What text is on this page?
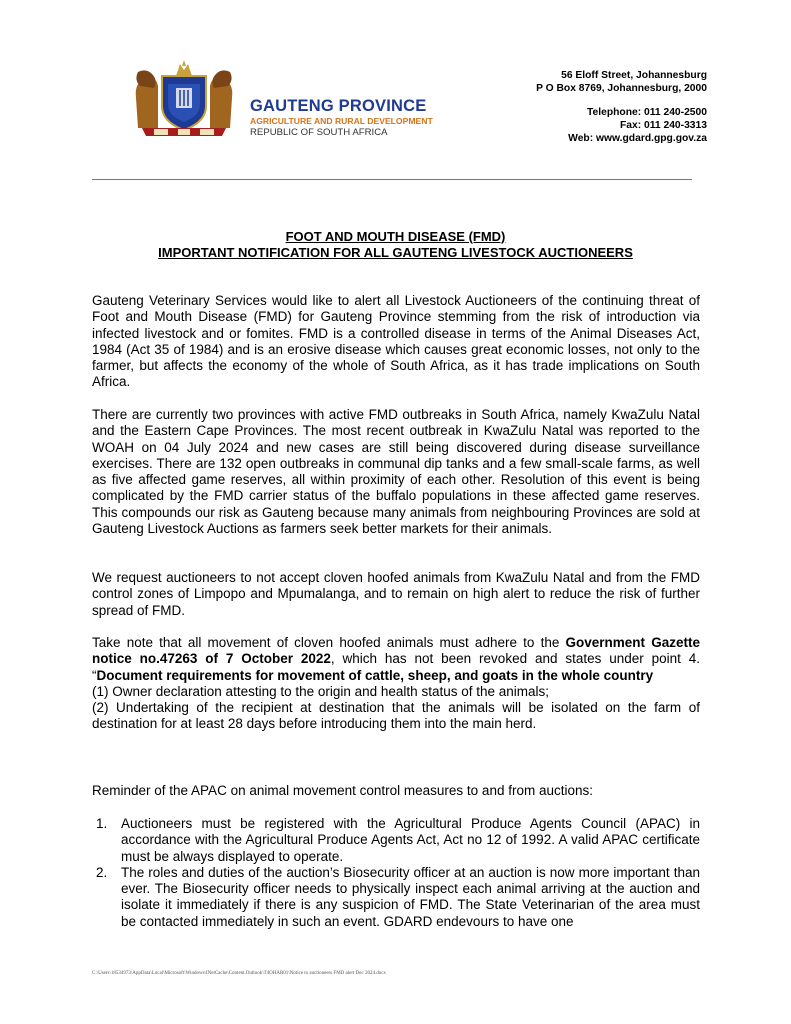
GAUTENG PROVINCE
AGRICULTURE AND RURAL DEVELOPMENT
REPUBLIC OF SOUTH AFRICA
56 Eloff Street, Johannesburg
P O Box 8769, Johannesburg, 2000
Telephone: 011 240-2500
Fax: 011 240-3313
Web: www.gdard.gpg.gov.za
FOOT AND MOUTH DISEASE (FMD)
IMPORTANT NOTIFICATION FOR ALL GAUTENG LIVESTOCK AUCTIONEERS
Gauteng Veterinary Services would like to alert all Livestock Auctioneers of the continuing threat of Foot and Mouth Disease (FMD) for Gauteng Province stemming from the risk of introduction via infected livestock and or fomites. FMD is a controlled disease in terms of the Animal Diseases Act, 1984 (Act 35 of 1984) and is an erosive disease which causes great economic losses, not only to the farmer, but affects the economy of the whole of South Africa, as it has trade implications on South Africa.
There are currently two provinces with active FMD outbreaks in South Africa, namely KwaZulu Natal and the Eastern Cape Provinces. The most recent outbreak in KwaZulu Natal was reported to the WOAH on 04 July 2024 and new cases are still being discovered during disease surveillance exercises. There are 132 open outbreaks in communal dip tanks and a few small-scale farms, as well as five affected game reserves, all within proximity of each other. Resolution of this event is being complicated by the FMD carrier status of the buffalo populations in these affected game reserves. This compounds our risk as Gauteng because many animals from neighbouring Provinces are sold at Gauteng Livestock Auctions as farmers seek better markets for their animals.
We request auctioneers to not accept cloven hoofed animals from KwaZulu Natal and from the FMD control zones of Limpopo and Mpumalanga, and to remain on high alert to reduce the risk of further spread of FMD.
Take note that all movement of cloven hoofed animals must adhere to the Government Gazette notice no.47263 of 7 October 2022, which has not been revoked and states under point 4. “Document requirements for movement of cattle, sheep, and goats in the whole country
(1) Owner declaration attesting to the origin and health status of the animals;
(2) Undertaking of the recipient at destination that the animals will be isolated on the farm of destination for at least 28 days before introducing them into the main herd.
Reminder of the APAC on animal movement control measures to and from auctions:
1. Auctioneers must be registered with the Agricultural Produce Agents Council (APAC) in accordance with the Agricultural Produce Agents Act, Act no 12 of 1992. A valid APAC certificate must be always displayed to operate.
2. The roles and duties of the auction’s Biosecurity officer at an auction is now more important than ever. The Biosecurity officer needs to physically inspect each animal arriving at the auction and isolate it immediately if there is any suspicion of FMD. The State Veterinarian of the area must be contacted immediately in such an event. GDARD endevours to have one
C:\Users\18534973\AppData\Local\Microsoft\Windows\INetCache\Content.Outlook\T4OHAR01\Notice to auctioneers FMD alert Dec 2024.docx
